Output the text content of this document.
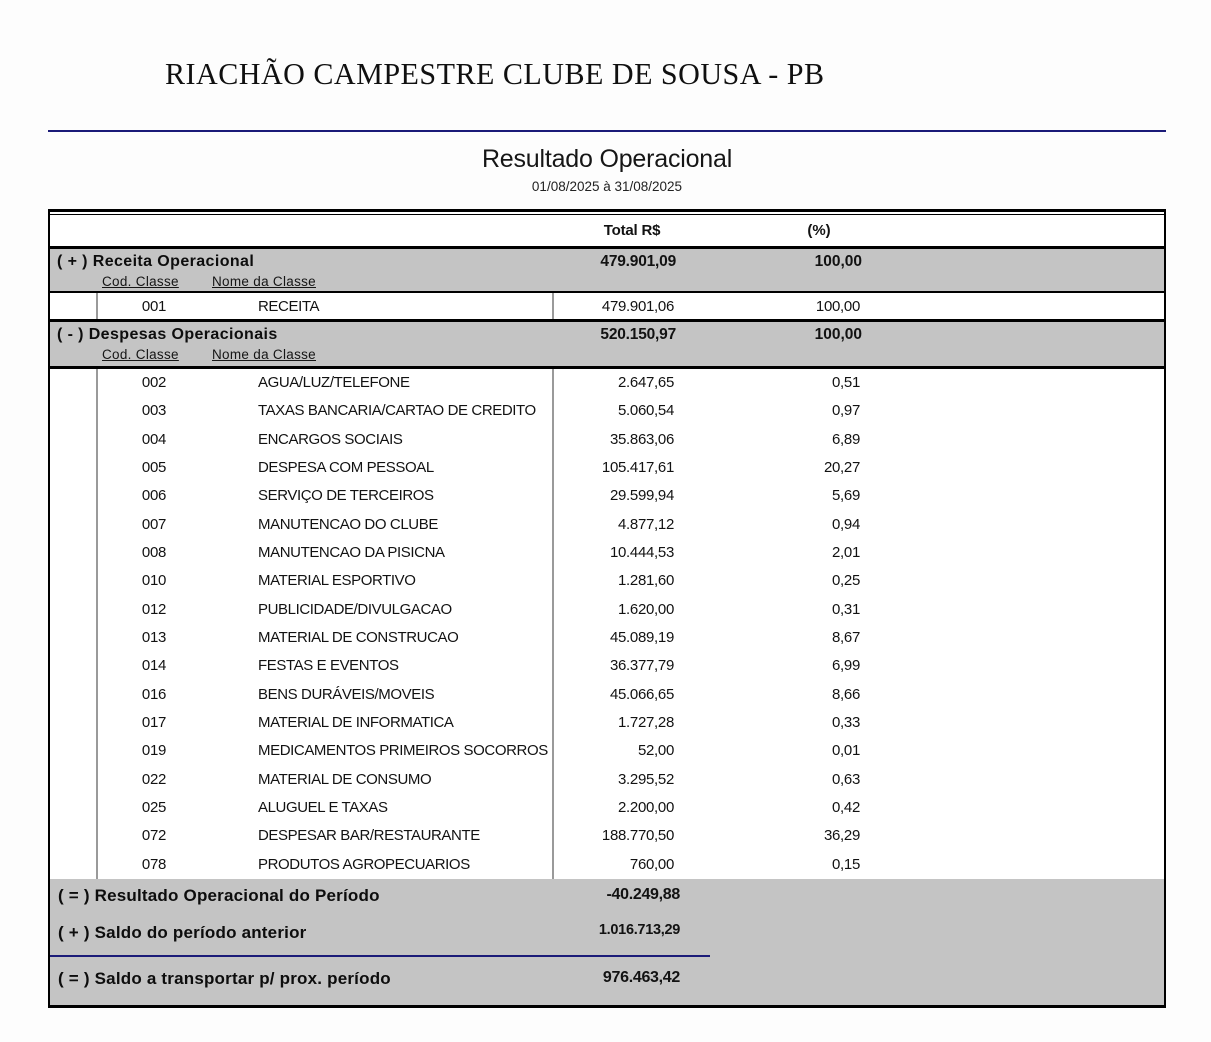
RIACHÃO CAMPESTRE CLUBE DE SOUSA - PB
Resultado Operacional
01/08/2025 à 31/08/2025
Total R$	(%)
( + ) Receita Operacional	479.901,09	100,00
Cod. Classe Nome da Classe
001	RECEITA	479.901,06	100,00
( - ) Despesas Operacionais	520.150,97	100,00
Cod. Classe Nome da Classe
002	AGUA/LUZ/TELEFONE	2.647,65	0,51
003	TAXAS BANCARIA/CARTAO DE CREDITO	5.060,54	0,97
004	ENCARGOS SOCIAIS	35.863,06	6,89
005	DESPESA COM PESSOAL	105.417,61	20,27
006	SERVIÇO DE TERCEIROS	29.599,94	5,69
007	MANUTENCAO DO CLUBE	4.877,12	0,94
008	MANUTENCAO DA PISICNA	10.444,53	2,01
010	MATERIAL ESPORTIVO	1.281,60	0,25
012	PUBLICIDADE/DIVULGACAO	1.620,00	0,31
013	MATERIAL DE CONSTRUCAO	45.089,19	8,67
014	FESTAS E EVENTOS	36.377,79	6,99
016	BENS DURÁVEIS/MOVEIS	45.066,65	8,66
017	MATERIAL DE INFORMATICA	1.727,28	0,33
019	MEDICAMENTOS PRIMEIROS SOCORROS	52,00	0,01
022	MATERIAL DE CONSUMO	3.295,52	0,63
025	ALUGUEL E TAXAS	2.200,00	0,42
072	DESPESAR BAR/RESTAURANTE	188.770,50	36,29
078	PRODUTOS AGROPECUARIOS	760,00	0,15
( = ) Resultado Operacional do Período	-40.249,88
( + ) Saldo do período anterior	1.016.713,29
( = ) Saldo a transportar p/ prox. período	976.463,42
